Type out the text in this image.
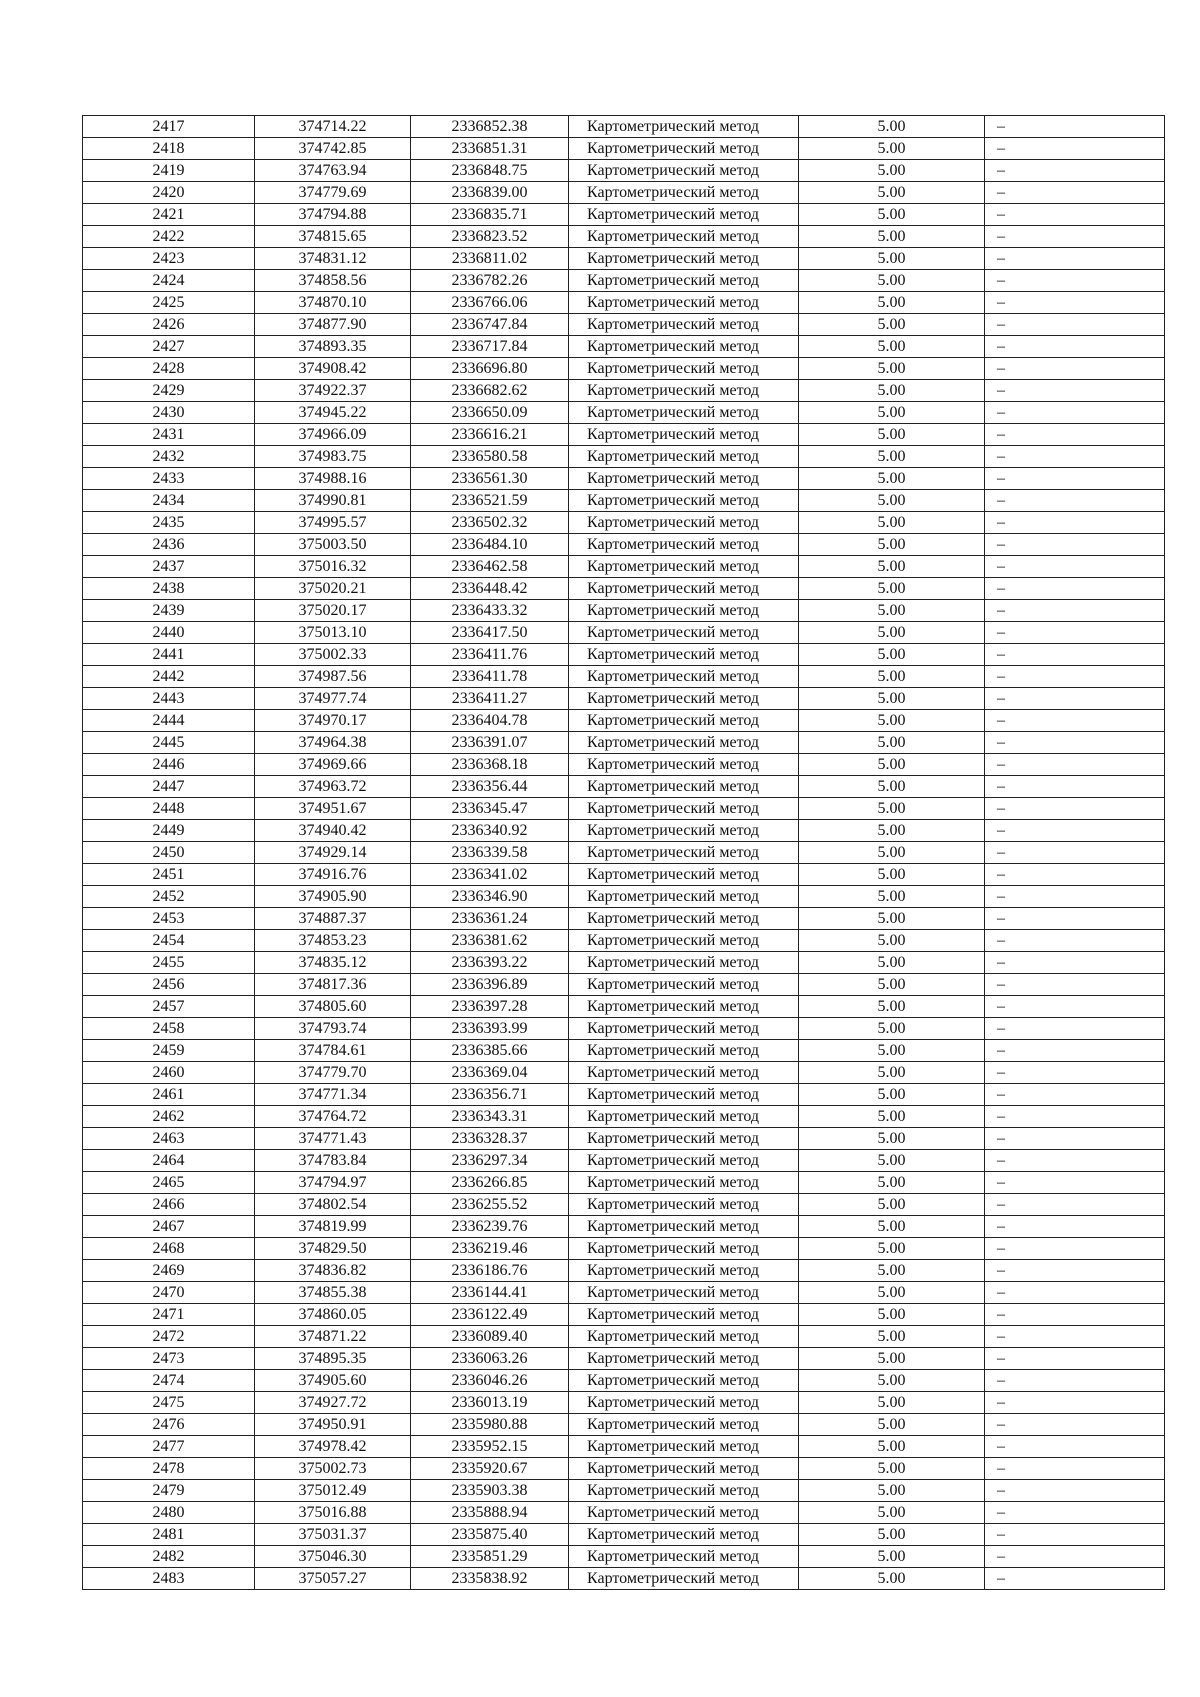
2417	374714.22	2336852.38	Картометрический метод	5.00	–
2418	374742.85	2336851.31	Картометрический метод	5.00	–
2419	374763.94	2336848.75	Картометрический метод	5.00	–
2420	374779.69	2336839.00	Картометрический метод	5.00	–
2421	374794.88	2336835.71	Картометрический метод	5.00	–
2422	374815.65	2336823.52	Картометрический метод	5.00	–
2423	374831.12	2336811.02	Картометрический метод	5.00	–
2424	374858.56	2336782.26	Картометрический метод	5.00	–
2425	374870.10	2336766.06	Картометрический метод	5.00	–
2426	374877.90	2336747.84	Картометрический метод	5.00	–
2427	374893.35	2336717.84	Картометрический метод	5.00	–
2428	374908.42	2336696.80	Картометрический метод	5.00	–
2429	374922.37	2336682.62	Картометрический метод	5.00	–
2430	374945.22	2336650.09	Картометрический метод	5.00	–
2431	374966.09	2336616.21	Картометрический метод	5.00	–
2432	374983.75	2336580.58	Картометрический метод	5.00	–
2433	374988.16	2336561.30	Картометрический метод	5.00	–
2434	374990.81	2336521.59	Картометрический метод	5.00	–
2435	374995.57	2336502.32	Картометрический метод	5.00	–
2436	375003.50	2336484.10	Картометрический метод	5.00	–
2437	375016.32	2336462.58	Картометрический метод	5.00	–
2438	375020.21	2336448.42	Картометрический метод	5.00	–
2439	375020.17	2336433.32	Картометрический метод	5.00	–
2440	375013.10	2336417.50	Картометрический метод	5.00	–
2441	375002.33	2336411.76	Картометрический метод	5.00	–
2442	374987.56	2336411.78	Картометрический метод	5.00	–
2443	374977.74	2336411.27	Картометрический метод	5.00	–
2444	374970.17	2336404.78	Картометрический метод	5.00	–
2445	374964.38	2336391.07	Картометрический метод	5.00	–
2446	374969.66	2336368.18	Картометрический метод	5.00	–
2447	374963.72	2336356.44	Картометрический метод	5.00	–
2448	374951.67	2336345.47	Картометрический метод	5.00	–
2449	374940.42	2336340.92	Картометрический метод	5.00	–
2450	374929.14	2336339.58	Картометрический метод	5.00	–
2451	374916.76	2336341.02	Картометрический метод	5.00	–
2452	374905.90	2336346.90	Картометрический метод	5.00	–
2453	374887.37	2336361.24	Картометрический метод	5.00	–
2454	374853.23	2336381.62	Картометрический метод	5.00	–
2455	374835.12	2336393.22	Картометрический метод	5.00	–
2456	374817.36	2336396.89	Картометрический метод	5.00	–
2457	374805.60	2336397.28	Картометрический метод	5.00	–
2458	374793.74	2336393.99	Картометрический метод	5.00	–
2459	374784.61	2336385.66	Картометрический метод	5.00	–
2460	374779.70	2336369.04	Картометрический метод	5.00	–
2461	374771.34	2336356.71	Картометрический метод	5.00	–
2462	374764.72	2336343.31	Картометрический метод	5.00	–
2463	374771.43	2336328.37	Картометрический метод	5.00	–
2464	374783.84	2336297.34	Картометрический метод	5.00	–
2465	374794.97	2336266.85	Картометрический метод	5.00	–
2466	374802.54	2336255.52	Картометрический метод	5.00	–
2467	374819.99	2336239.76	Картометрический метод	5.00	–
2468	374829.50	2336219.46	Картометрический метод	5.00	–
2469	374836.82	2336186.76	Картометрический метод	5.00	–
2470	374855.38	2336144.41	Картометрический метод	5.00	–
2471	374860.05	2336122.49	Картометрический метод	5.00	–
2472	374871.22	2336089.40	Картометрический метод	5.00	–
2473	374895.35	2336063.26	Картометрический метод	5.00	–
2474	374905.60	2336046.26	Картометрический метод	5.00	–
2475	374927.72	2336013.19	Картометрический метод	5.00	–
2476	374950.91	2335980.88	Картометрический метод	5.00	–
2477	374978.42	2335952.15	Картометрический метод	5.00	–
2478	375002.73	2335920.67	Картометрический метод	5.00	–
2479	375012.49	2335903.38	Картометрический метод	5.00	–
2480	375016.88	2335888.94	Картометрический метод	5.00	–
2481	375031.37	2335875.40	Картометрический метод	5.00	–
2482	375046.30	2335851.29	Картометрический метод	5.00	–
2483	375057.27	2335838.92	Картометрический метод	5.00	–
